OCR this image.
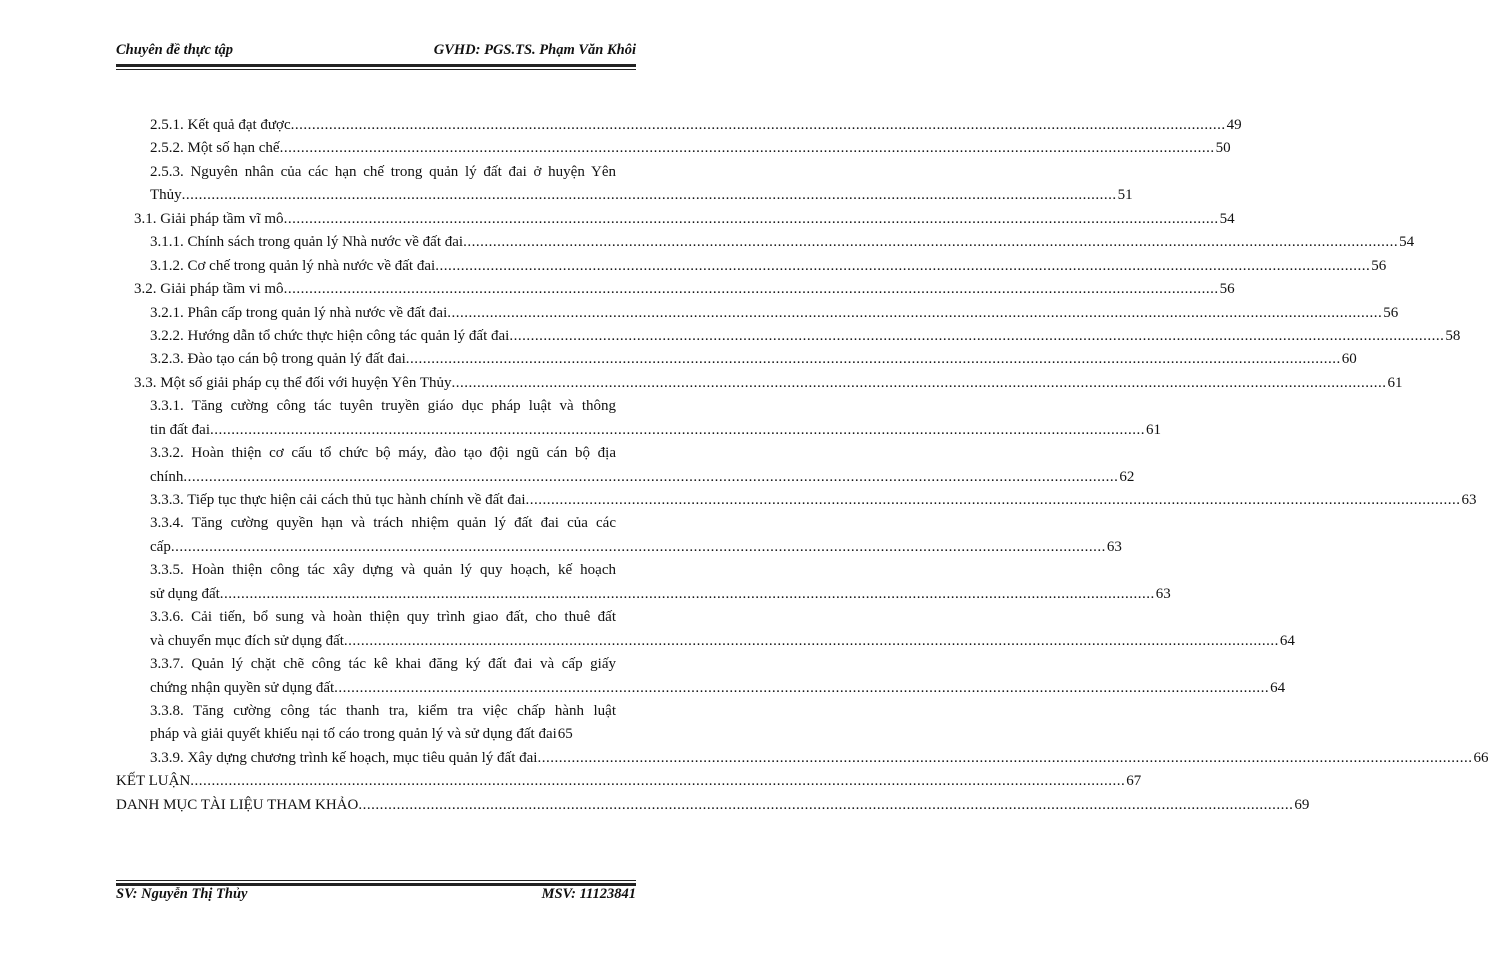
Chuyên đề thực tập	GVHD: PGS.TS. Phạm Văn Khôi
2.5.1. Kết quả đạt được ............................................................................................................................................................................................................................ 49
2.5.2. Một số hạn chế ............................................................................................................................................................................................................................ 50
2.5.3. Nguyên nhân của các hạn chế trong quản lý đất đai ở huyện Yên
Thủy ............................................................................................................................................................................................................................ 51
3.1. Giải pháp tầm vĩ mô ............................................................................................................................................................................................................................ 54
3.1.1. Chính sách trong quản lý Nhà nước về đất đai ............................................................................................................................................................................................................................ 54
3.1.2. Cơ chế trong quản lý nhà nước về đất đai ............................................................................................................................................................................................................................ 56
3.2. Giải pháp tầm vi mô ............................................................................................................................................................................................................................ 56
3.2.1. Phân cấp trong quản lý nhà nước về đất đai ............................................................................................................................................................................................................................ 56
3.2.2. Hướng dẫn tổ chức thực hiện công tác quản lý đất đai ............................................................................................................................................................................................................................ 58
3.2.3. Đào tạo cán bộ trong quản lý đất đai ............................................................................................................................................................................................................................ 60
3.3. Một số giải pháp cụ thể đối với huyện Yên Thủy ............................................................................................................................................................................................................................ 61
3.3.1. Tăng cường công tác tuyên truyền giáo dục pháp luật và thông
tin đất đai ............................................................................................................................................................................................................................ 61
3.3.2. Hoàn thiện cơ cấu tổ chức bộ máy, đào tạo đội ngũ cán bộ địa
chính ............................................................................................................................................................................................................................ 62
3.3.3. Tiếp tục thực hiện cải cách thủ tục hành chính về đất đai ............................................................................................................................................................................................................................ 63
3.3.4. Tăng cường quyền hạn và trách nhiệm quản lý đất đai của các
cấp ............................................................................................................................................................................................................................ 63
3.3.5. Hoàn thiện công tác xây dựng và quản lý quy hoạch, kế hoạch
sử dụng đất ............................................................................................................................................................................................................................ 63
3.3.6. Cải tiến, bổ sung và hoàn thiện quy trình giao đất, cho thuê đất
và chuyển mục đích sử dụng đất ............................................................................................................................................................................................................................ 64
3.3.7. Quản lý chặt chẽ công tác kê khai đăng ký đất đai và cấp giấy
chứng nhận quyền sử dụng đất ............................................................................................................................................................................................................................ 64
3.3.8. Tăng cường công tác thanh tra, kiểm tra việc chấp hành luật
pháp và giải quyết khiếu nại tố cáo trong quản lý và sử dụng đất đai 65
3.3.9. Xây dựng chương trình kế hoạch, mục tiêu quản lý đất đai ............................................................................................................................................................................................................................ 66
KẾT LUẬN ............................................................................................................................................................................................................................ 67
DANH MỤC TÀI LIỆU THAM KHẢO ............................................................................................................................................................................................................................ 69
SV: Nguyễn Thị Thủy	MSV: 11123841
